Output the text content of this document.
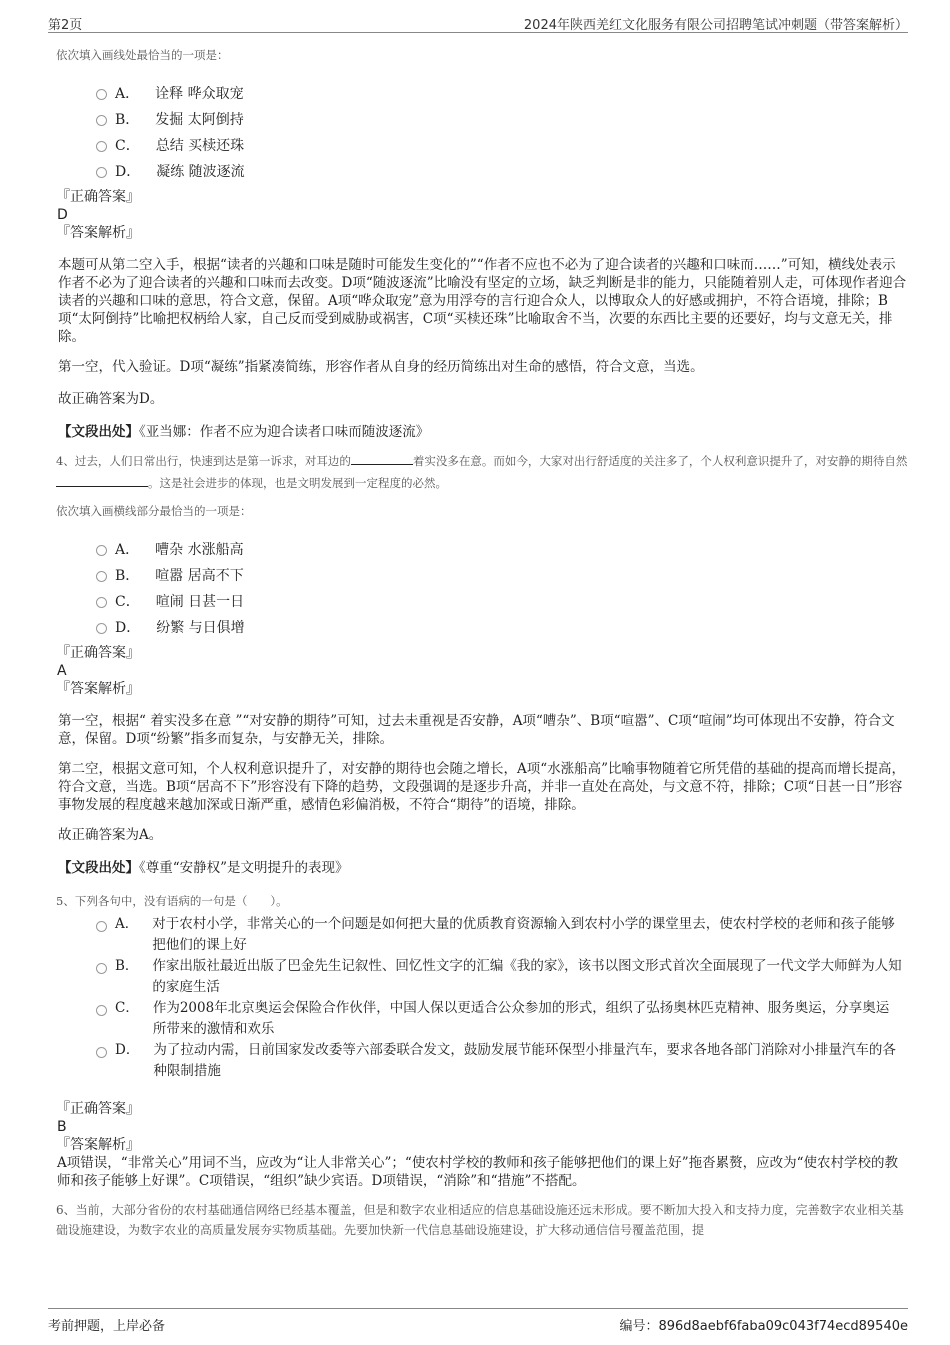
第2页	2024年陕西羌红文化服务有限公司招聘笔试冲刺题（带答案解析）
依次填入画线处最恰当的一项是：
A． 诠释 哗众取宠
B． 发掘 太阿倒持
C． 总结 买椟还珠
D． 凝练 随波逐流
『正确答案』
D
『答案解析』
本题可从第二空入手，根据“读者的兴趣和口味是随时可能发生变化的”“作者不应也不必为了迎合读者的兴趣和口味而……”可知，横线处表示作者不必为了迎合读者的兴趣和口味而去改变。D项“随波逐流”比喻没有坚定的立场，缺乏判断是非的能力，只能随着别人走，可体现作者迎合读者的兴趣和口味的意思，符合文意，保留。A项“哗众取宠”意为用浮夸的言行迎合众人，以博取众人的好感或拥护，不符合语境，排除；B项“太阿倒持”比喻把权柄给人家，自己反而受到威胁或祸害，C项“买椟还珠”比喻取舍不当，次要的东西比主要的还要好，均与文意无关，排除。
第一空，代入验证。D项“凝练”指紧凑简练，形容作者从自身的经历简练出对生命的感悟，符合文意，当选。
故正确答案为D。
【文段出处】《亚当娜：作者不应为迎合读者口味而随波逐流》
4、过去，人们日常出行，快速到达是第一诉求，对耳边的	着实没多在意。而如今，大家对出行舒适度的关注多了，个人权利意识提升了，对安静的期待自然。这是社会进步的体现，也是文明发展到一定程度的必然。
依次填入画横线部分最恰当的一项是：
A． 嘈杂 水涨船高
B． 喧嚣 居高不下
C． 喧闹 日甚一日
D． 纷繁 与日俱增
『正确答案』
A
『答案解析』
第一空，根据“ 着实没多在意 ”“对安静的期待”可知，过去未重视是否安静，A项“嘈杂”、B项“喧嚣”、C项“喧闹”均可体现出不安静，符合文意，保留。D项“纷繁”指多而复杂，与安静无关，排除。
第二空，根据文意可知，个人权利意识提升了，对安静的期待也会随之增长，A项“水涨船高”比喻事物随着它所凭借的基础的提高而增长提高，符合文意，当选。B项“居高不下”形容没有下降的趋势，文段强调的是逐步升高，并非一直处在高处，与文意不符，排除；C项“日甚一日”形容事物发展的程度越来越加深或日渐严重，感情色彩偏消极，不符合“期待”的语境，排除。
故正确答案为A。
【文段出处】《尊重“安静权”是文明提升的表现》
5、下列各句中，没有语病的一句是（　　）。
A． 对于农村小学，非常关心的一个问题是如何把大量的优质教育资源输入到农村小学的课堂里去，使农村学校的老师和孩子能够把他们的课上好
B． 作家出版社最近出版了巴金先生记叙性、回忆性文字的汇编《我的家》，该书以图文形式首次全面展现了一代文学大师鲜为人知的家庭生活
C． 作为2008年北京奥运会保险合作伙伴，中国人保以更适合公众参加的形式，组织了弘扬奥林匹克精神、服务奥运，分享奥运所带来的激情和欢乐
D． 为了拉动内需，日前国家发改委等六部委联合发文，鼓励发展节能环保型小排量汽车，要求各地各部门消除对小排量汽车的各种限制措施
『正确答案』
B
『答案解析』
A项错误，“非常关心”用词不当，应改为“让人非常关心”；“使农村学校的教师和孩子能够把他们的课上好”拖沓累赘，应改为“使农村学校的教师和孩子能够上好课”。C项错误，“组织”缺少宾语。D项错误，“消除”和“措施”不搭配。
6、当前，大部分省份的农村基础通信网络已经基本覆盖，但是和数字农业相适应的信息基础设施还远未形成。要不断加大投入和支持力度，完善数字农业相关基础设施建设，为数字农业的高质量发展夯实物质基础。先要加快新一代信息基础设施建设，扩大移动通信信号覆盖范围，提
考前押题，上岸必备	编号：896d8aebf6faba09c043f74ecd89540e
